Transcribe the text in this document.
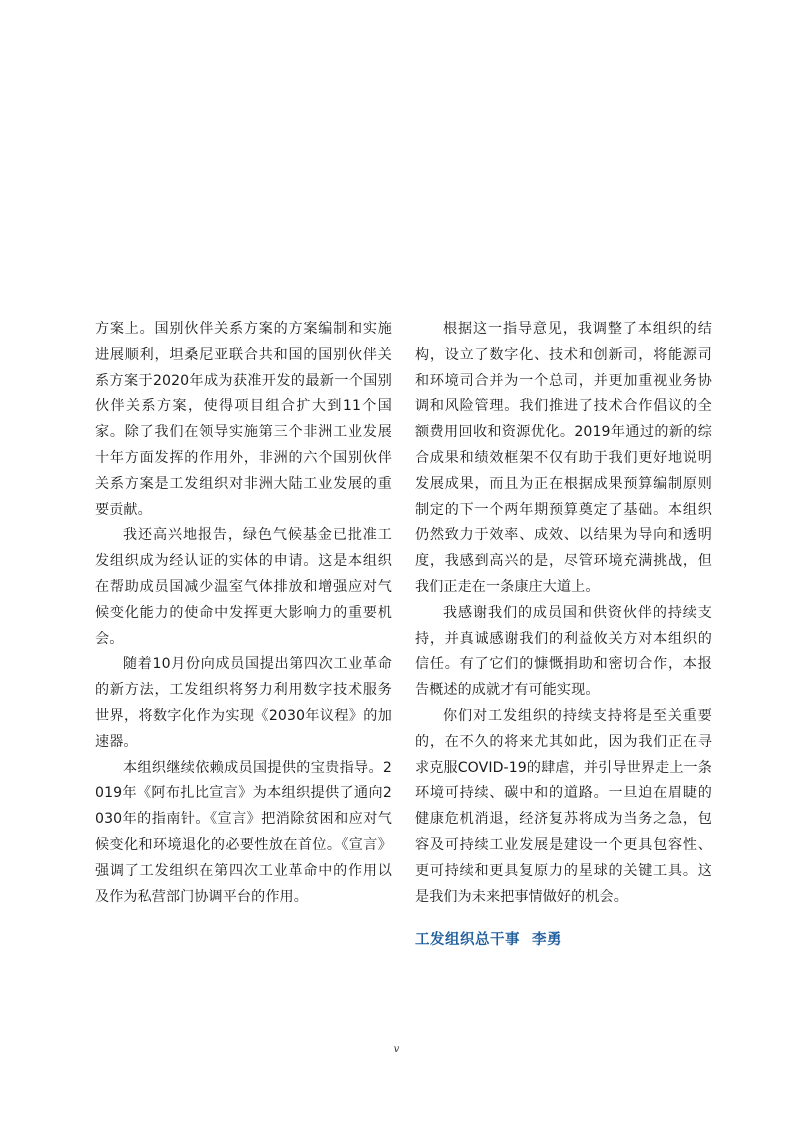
方案上。国别伙伴关系方案的方案编制和实施进展顺利，坦桑尼亚联合共和国的国别伙伴关系方案于2020年成为获准开发的最新一个国别伙伴关系方案，使得项目组合扩大到11个国家。除了我们在领导实施第三个非洲工业发展十年方面发挥的作用外，非洲的六个国别伙伴关系方案是工发组织对非洲大陆工业发展的重要贡献。

我还高兴地报告，绿色气候基金已批准工发组织成为经认证的实体的申请。这是本组织在帮助成员国减少温室气体排放和增强应对气候变化能力的使命中发挥更大影响力的重要机会。

随着10月份向成员国提出第四次工业革命的新方法，工发组织将努力利用数字技术服务世界，将数字化作为实现《2030年议程》的加速器。

本组织继续依赖成员国提供的宝贵指导。2019年《阿布扎比宣言》为本组织提供了通向2030年的指南针。《宣言》把消除贫困和应对气候变化和环境退化的必要性放在首位。《宣言》强调了工发组织在第四次工业革命中的作用以及作为私营部门协调平台的作用。

根据这一指导意见，我调整了本组织的结构，设立了数字化、技术和创新司，将能源司和环境司合并为一个总司，并更加重视业务协调和风险管理。我们推进了技术合作倡议的全额费用回收和资源优化。2019年通过的新的综合成果和绩效框架不仅有助于我们更好地说明发展成果，而且为正在根据成果预算编制原则制定的下一个两年期预算奠定了基础。本组织仍然致力于效率、成效、以结果为导向和透明度，我感到高兴的是，尽管环境充满挑战，但我们正走在一条康庄大道上。

我感谢我们的成员国和供资伙伴的持续支持，并真诚感谢我们的利益攸关方对本组织的信任。有了它们的慷慨捐助和密切合作，本报告概述的成就才有可能实现。

你们对工发组织的持续支持将是至关重要的，在不久的将来尤其如此，因为我们正在寻求克服COVID-19的肆虐，并引导世界走上一条环境可持续、碳中和的道路。一旦迫在眉睫的健康危机消退，经济复苏将成为当务之急，包容及可持续工业发展是建设一个更具包容性、更可持续和更具复原力的星球的关键工具。这是我们为未来把事情做好的机会。

工发组织总干事 李勇

v
